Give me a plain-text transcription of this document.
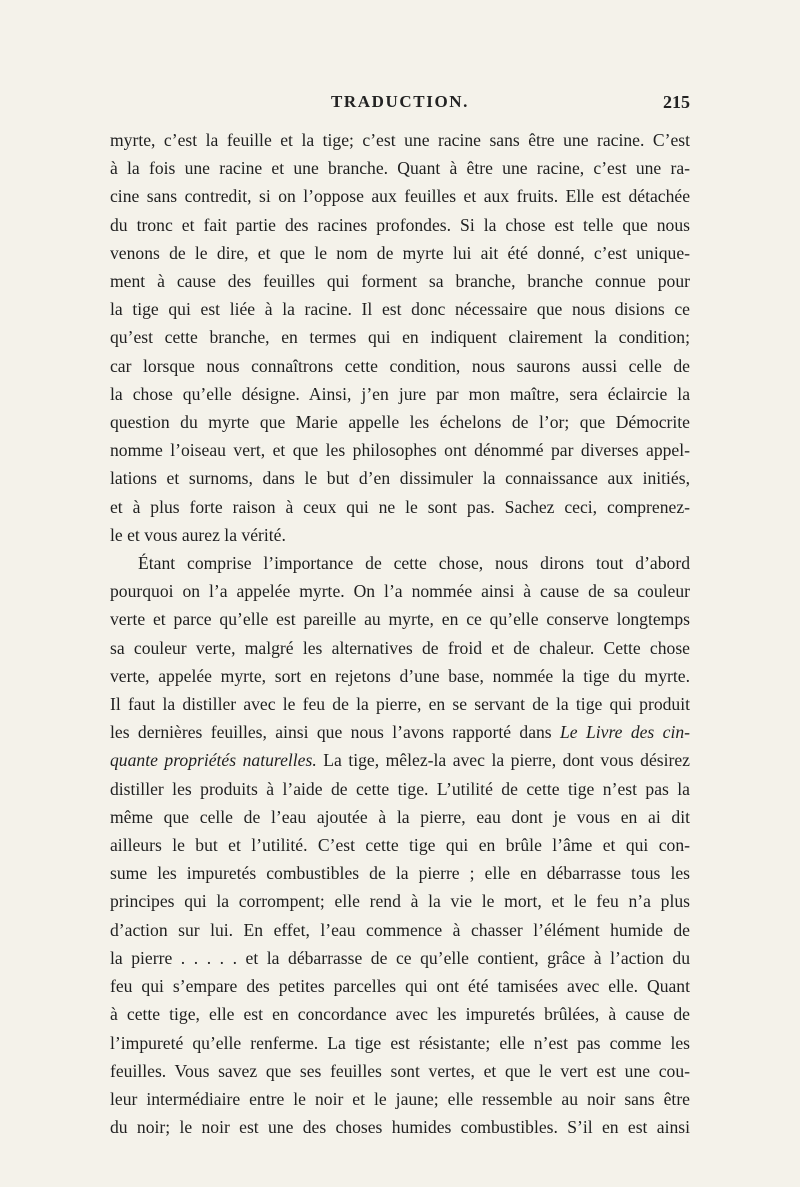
TRADUCTION.	215

myrte, c’est la feuille et la tige; c’est une racine sans être une racine. C’est
à la fois une racine et une branche. Quant à être une racine, c’est une ra-
cine sans contredit, si on l’oppose aux feuilles et aux fruits. Elle est détachée
du tronc et fait partie des racines profondes. Si la chose est telle que nous
venons de le dire, et que le nom de myrte lui ait été donné, c’est unique-
ment à cause des feuilles qui forment sa branche, branche connue pour
la tige qui est liée à la racine. Il est donc nécessaire que nous disions ce
qu’est cette branche, en termes qui en indiquent clairement la condition;
car lorsque nous connaîtrons cette condition, nous saurons aussi celle de
la chose qu’elle désigne. Ainsi, j’en jure par mon maître, sera éclaircie la
question du myrte que Marie appelle les échelons de l’or; que Démocrite
nomme l’oiseau vert, et que les philosophes ont dénommé par diverses appel-
lations et surnoms, dans le but d’en dissimuler la connaissance aux initiés,
et à plus forte raison à ceux qui ne le sont pas. Sachez ceci, comprenez-
le et vous aurez la vérité.

Étant comprise l’importance de cette chose, nous dirons tout d’abord
pourquoi on l’a appelée myrte. On l’a nommée ainsi à cause de sa couleur
verte et parce qu’elle est pareille au myrte, en ce qu’elle conserve longtemps
sa couleur verte, malgré les alternatives de froid et de chaleur. Cette chose
verte, appelée myrte, sort en rejetons d’une base, nommée la tige du myrte.
Il faut la distiller avec le feu de la pierre, en se servant de la tige qui produit
les dernières feuilles, ainsi que nous l’avons rapporté dans Le Livre des cin-
quante propriétés naturelles. La tige, mêlez-la avec la pierre, dont vous désirez
distiller les produits à l’aide de cette tige. L’utilité de cette tige n’est pas la
même que celle de l’eau ajoutée à la pierre, eau dont je vous en ai dit
ailleurs le but et l’utilité. C’est cette tige qui en brûle l’âme et qui con-
sume les impuretés combustibles de la pierre ; elle en débarrasse tous les
principes qui la corrompent; elle rend à la vie le mort, et le feu n’a plus
d’action sur lui. En effet, l’eau commence à chasser l’élément humide de
la pierre . . . . . et la débarrasse de ce qu’elle contient, grâce à l’action du
feu qui s’empare des petites parcelles qui ont été tamisées avec elle. Quant
à cette tige, elle est en concordance avec les impuretés brûlées, à cause de
l’impureté qu’elle renferme. La tige est résistante; elle n’est pas comme les
feuilles. Vous savez que ses feuilles sont vertes, et que le vert est une cou-
leur intermédiaire entre le noir et le jaune; elle ressemble au noir sans être
du noir; le noir est une des choses humides combustibles. S’il en est ainsi
